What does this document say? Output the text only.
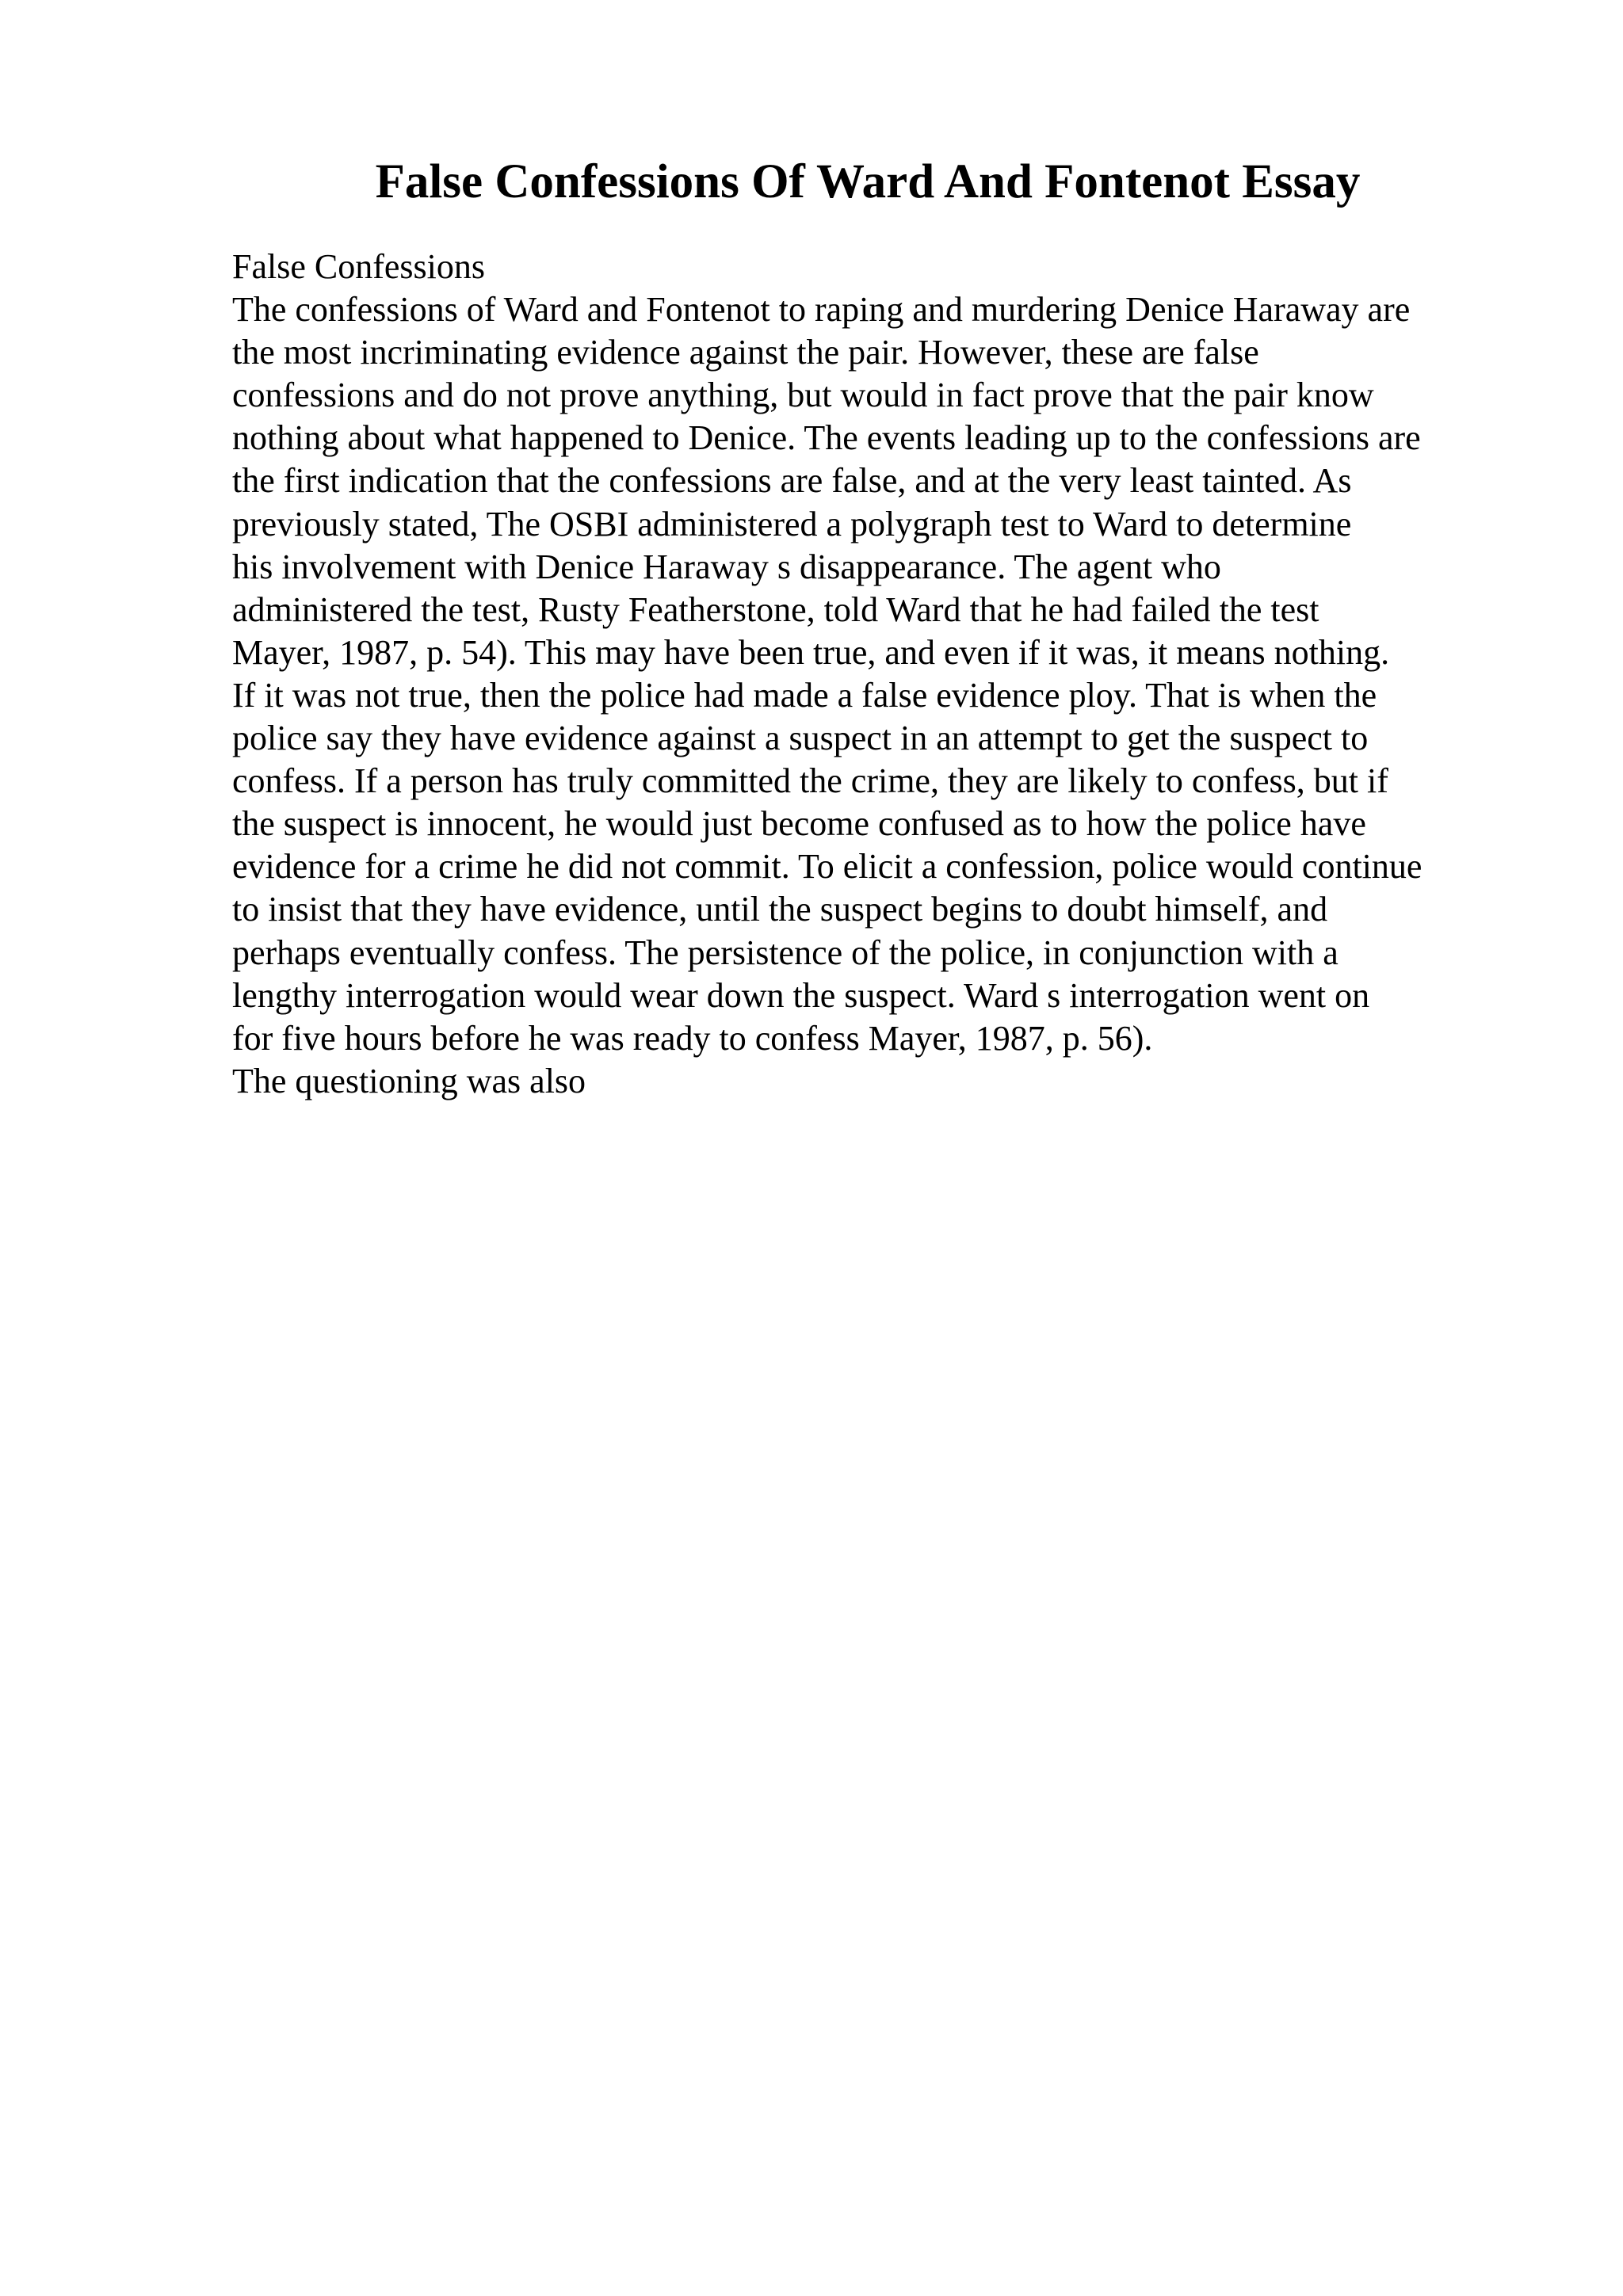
False Confessions Of Ward And Fontenot Essay
False Confessions
The confessions of Ward and Fontenot to raping and murdering Denice Haraway are
the most incriminating evidence against the pair. However, these are false
confessions and do not prove anything, but would in fact prove that the pair know
nothing about what happened to Denice. The events leading up to the confessions are
the first indication that the confessions are false, and at the very least tainted. As
previously stated, The OSBI administered a polygraph test to Ward to determine
his involvement with Denice Haraway s disappearance. The agent who
administered the test, Rusty Featherstone, told Ward that he had failed the test
Mayer, 1987, p. 54). This may have been true, and even if it was, it means nothing.
If it was not true, then the police had made a false evidence ploy. That is when the
police say they have evidence against a suspect in an attempt to get the suspect to
confess. If a person has truly committed the crime, they are likely to confess, but if
the suspect is innocent, he would just become confused as to how the police have
evidence for a crime he did not commit. To elicit a confession, police would continue
to insist that they have evidence, until the suspect begins to doubt himself, and
perhaps eventually confess. The persistence of the police, in conjunction with a
lengthy interrogation would wear down the suspect. Ward s interrogation went on
for five hours before he was ready to confess Mayer, 1987, p. 56).
The questioning was also
